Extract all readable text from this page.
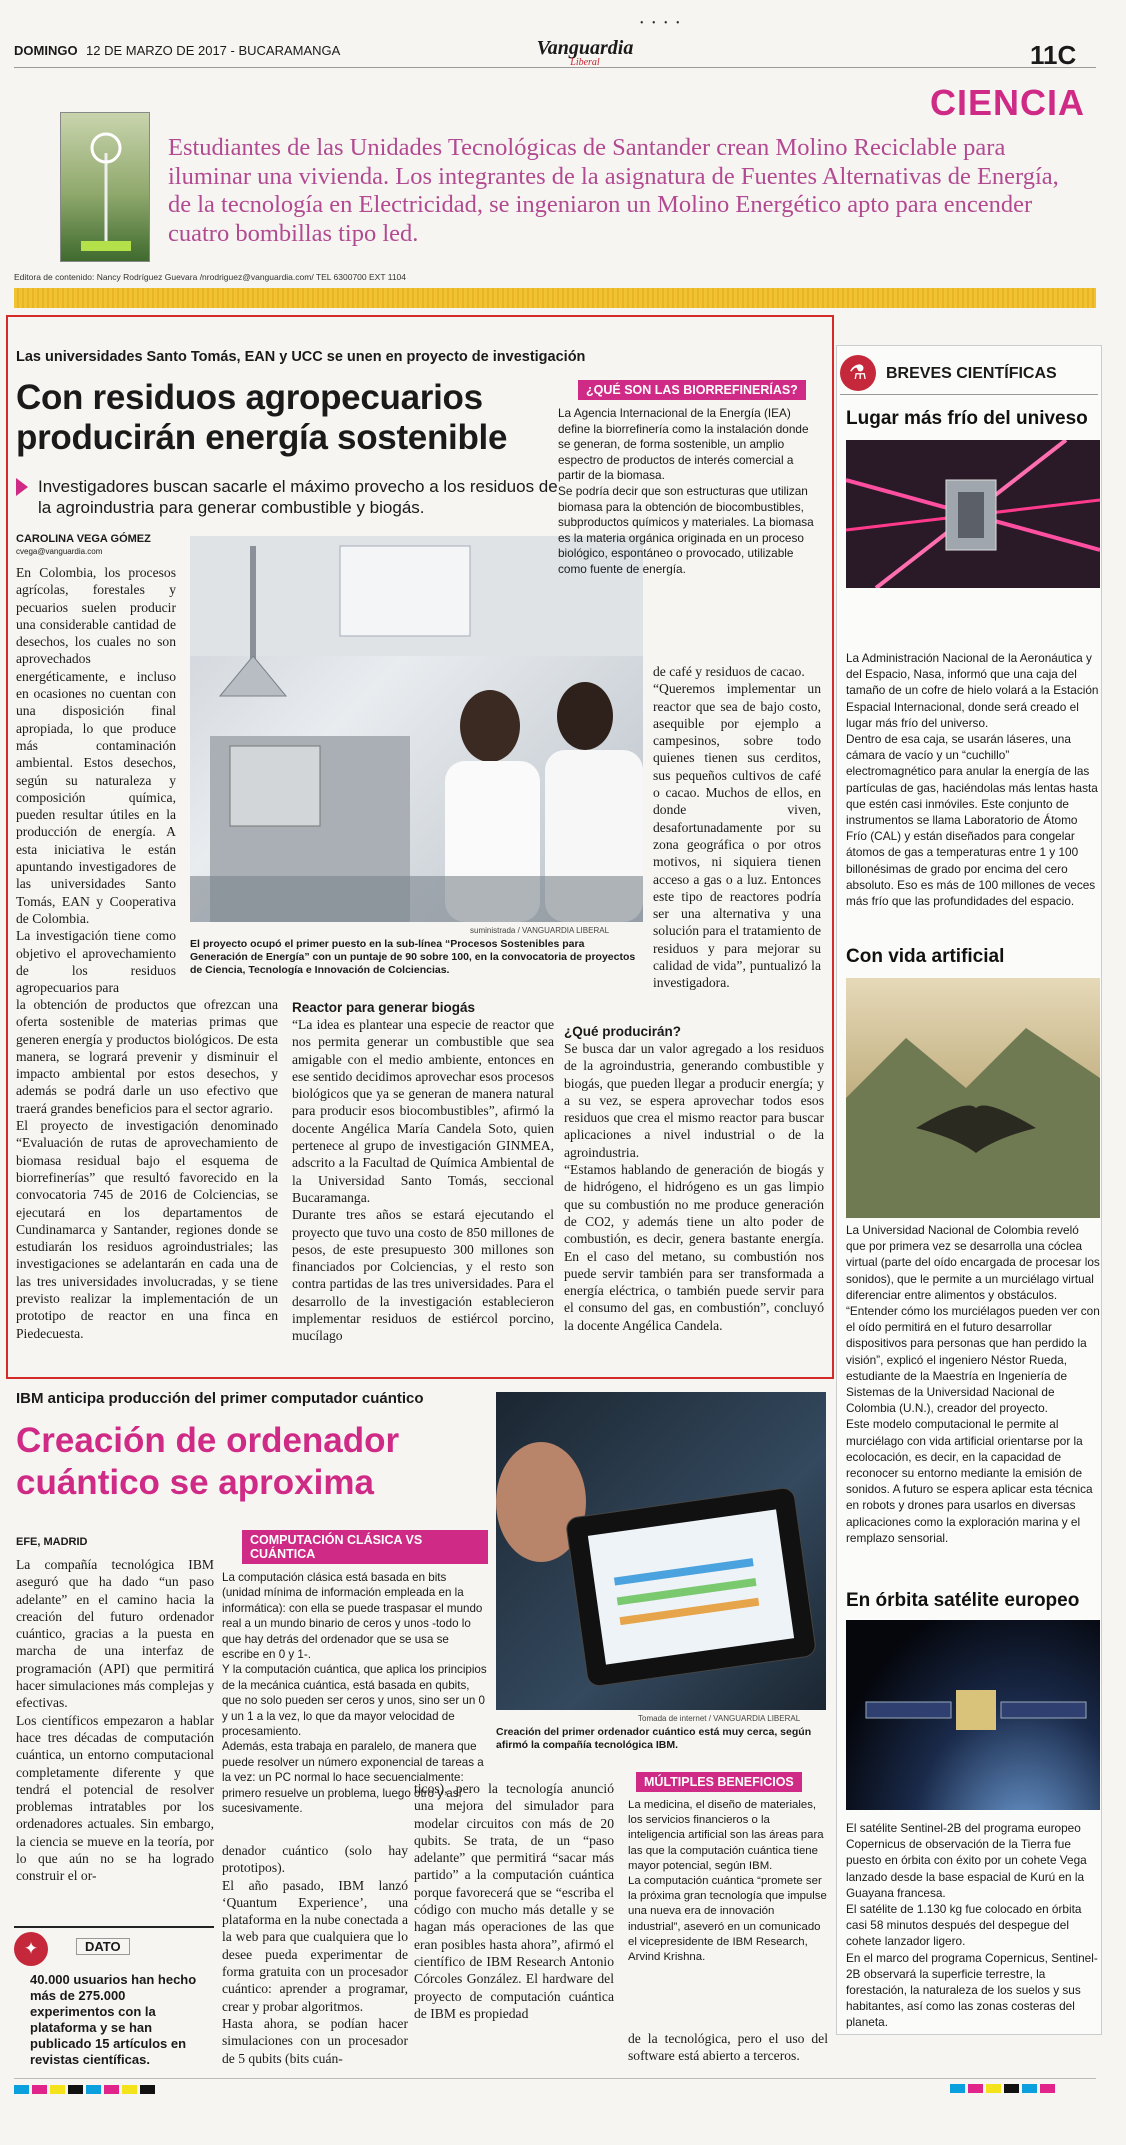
• • • •
DOMINGO 12 DE MARZO DE 2017 - BUCARAMANGA	Vanguardia
Liberal	11C
CIENCIA
Estudiantes de las Unidades Tecnológicas de Santander crean Molino Reciclable para iluminar una vivienda. Los integrantes de la asignatura de Fuentes Alternativas de Energía, de la tecnología en Electricidad, se ingeniaron un Molino Energético apto para encender cuatro bombillas tipo led.
Editora de contenido: Nancy Rodríguez Guevara /nrodriguez@vanguardia.com/ TEL 6300700 EXT 1104
Las universidades Santo Tomás, EAN y UCC se unen en proyecto de investigación
Con residuos agropecuarios producirán energía sostenible
Investigadores buscan sacarle el máximo provecho a los residuos de la agroindustria para generar combustible y biogás.
CAROLINA VEGA GÓMEZ
cvega@vanguardia.com
En Colombia, los procesos agrícolas, forestales y pecuarios suelen producir una considerable cantidad de desechos, los cuales no son aprovechados energéticamente, e incluso en ocasiones no cuentan con una disposición final apropiada, lo que produce más contaminación ambiental. Estos desechos, según su naturaleza y composición química, pueden resultar útiles en la producción de energía. A esta iniciativa le están apuntando investigadores de las universidades Santo Tomás, EAN y Cooperativa de Colombia.
La investigación tiene como objetivo el aprovechamiento de los residuos agropecuarios para
suministrada / VANGUARDIA LIBERAL
El proyecto ocupó el primer puesto en la sub-línea “Procesos Sostenibles para Generación de Energía” con un puntaje de 90 sobre 100, en la convocatoria de proyectos de Ciencia, Tecnología e Innovación de Colciencias.
la obtención de productos que ofrezcan una oferta sostenible de materias primas que generen energía y productos biológicos. De esta manera, se logrará prevenir y disminuir el impacto ambiental por estos desechos, y además se podrá darle un uso efectivo que traerá grandes beneficios para el sector agrario.
El proyecto de investigación denominado “Evaluación de rutas de aprovechamiento de biomasa residual bajo el esquema de biorrefinerías” que resultó favorecido en la convocatoria 745 de 2016 de Colciencias, se ejecutará en los departamentos de Cundinamarca y Santander, regiones donde se estudiarán los residuos agroindustriales; las investigaciones se adelantarán en cada una de las tres universidades involucradas, y se tiene previsto realizar la implementación de un prototipo de reactor en una finca en Piedecuesta.
Reactor para generar biogás
“La idea es plantear una especie de reactor que nos permita generar un combustible que sea amigable con el medio ambiente, entonces en ese sentido decidimos aprovechar esos procesos biológicos que ya se generan de manera natural para producir esos biocombustibles”, afirmó la docente Angélica María Candela Soto, quien pertenece al grupo de investigación GINMEA, adscrito a la Facultad de Química Ambiental de la Universidad Santo Tomás, seccional Bucaramanga.
Durante tres años se estará ejecutando el proyecto que tuvo una costo de 850 millones de pesos, de este presupuesto 300 millones son financiados por Colciencias, y el resto son contra partidas de las tres universidades. Para el desarrollo de la investigación establecieron implementar residuos de estiércol porcino, mucílago
¿QUÉ SON LAS BIORREFINERÍAS?
La Agencia Internacional de la Energía (IEA) define la biorrefinería como la instalación donde se generan, de forma sostenible, un amplio espectro de productos de interés comercial a partir de la biomasa.
Se podría decir que son estructuras que utilizan biomasa para la obtención de biocombustibles, subproductos químicos y materiales. La biomasa es la materia orgánica originada en un proceso biológico, espontáneo o provocado, utilizable como fuente de energía.
de café y residuos de cacao.
“Queremos implementar un reactor que sea de bajo costo, asequible por ejemplo a campesinos, sobre todo quienes tienen sus cerditos, sus pequeños cultivos de café o cacao. Muchos de ellos, en donde viven, desafortunadamente por su zona geográfica o por otros motivos, ni siquiera tienen acceso a gas o a luz. Entonces este tipo de reactores podría ser una alternativa y una solución para el tratamiento de residuos y para mejorar su calidad de vida”, puntualizó la investigadora.
¿Qué producirán?
Se busca dar un valor agregado a los residuos de la agroindustria, generando combustible y biogás, que pueden llegar a producir energía; y a su vez, se espera aprovechar todos esos residuos que crea el mismo reactor para buscar aplicaciones a nivel industrial o de la agroindustria.
“Estamos hablando de generación de biogás y de hidrógeno, el hidrógeno es un gas limpio que su combustión no me produce generación de CO2, y además tiene un alto poder de combustión, es decir, genera bastante energía. En el caso del metano, su combustión nos puede servir también para ser transformada a energía eléctrica, o también puede servir para el consumo del gas, en combustión”, concluyó la docente Angélica Candela.
⚗	BREVES CIENTÍFICAS
Lugar más frío del univeso
La Administración Nacional de la Aeronáutica y del Espacio, Nasa, informó que una caja del tamaño de un cofre de hielo volará a la Estación Espacial Internacional, donde será creado el lugar más frío del universo.
Dentro de esa caja, se usarán láseres, una cámara de vacío y un “cuchillo” electromagnético para anular la energía de las partículas de gas, haciéndolas más lentas hasta que estén casi inmóviles. Este conjunto de instrumentos se llama Laboratorio de Átomo Frío (CAL) y están diseñados para congelar átomos de gas a temperaturas entre 1 y 100 billonésimas de grado por encima del cero absoluto. Eso es más de 100 millones de veces más frío que las profundidades del espacio.
Con vida artificial
La Universidad Nacional de Colombia reveló que por primera vez se desarrolla una cóclea virtual (parte del oído encargada de procesar los sonidos), que le permite a un murciélago virtual diferenciar entre alimentos y obstáculos. “Entender cómo los murciélagos pueden ver con el oído permitirá en el futuro desarrollar dispositivos para personas que han perdido la visión”, explicó el ingeniero Néstor Rueda, estudiante de la Maestría en Ingeniería de Sistemas de la Universidad Nacional de Colombia (U.N.), creador del proyecto.
Este modelo computacional le permite al murciélago con vida artificial orientarse por la ecolocación, es decir, en la capacidad de reconocer su entorno mediante la emisión de sonidos. A futuro se espera aplicar esta técnica en robots y drones para usarlos en diversas aplicaciones como la exploración marina y el remplazo sensorial.
En órbita satélite europeo
El satélite Sentinel-2B del programa europeo Copernicus de observación de la Tierra fue puesto en órbita con éxito por un cohete Vega lanzado desde la base espacial de Kurú en la Guayana francesa.
El satélite de 1.130 kg fue colocado en órbita casi 58 minutos después del despegue del cohete lanzador ligero.
En el marco del programa Copernicus, Sentinel-2B observará la superficie terrestre, la forestación, la naturaleza de los suelos y sus habitantes, así como las zonas costeras del planeta.
IBM anticipa producción del primer computador cuántico
Creación de ordenador cuántico se aproxima
EFE, MADRID
La compañía tecnológica IBM aseguró que ha dado “un paso adelante” en el camino hacia la creación del futuro ordenador cuántico, gracias a la puesta en marcha de una interfaz de programación (API) que permitirá hacer simulaciones más complejas y efectivas.
Los científicos empezaron a hablar hace tres décadas de computación cuántica, un entorno computacional completamente diferente y que tendrá el potencial de resolver problemas intratables por los ordenadores actuales. Sin embargo, la ciencia se mueve en la teoría, por lo que aún no se ha logrado construir el or-
COMPUTACIÓN CLÁSICA VS CUÁNTICA
La computación clásica está basada en bits (unidad mínima de información empleada en la informática): con ella se puede traspasar el mundo real a un mundo binario de ceros y unos -todo lo que hay detrás del ordenador que se usa se escribe en 0 y 1-.
Y la computación cuántica, que aplica los principios de la mecánica cuántica, está basada en qubits, que no solo pueden ser ceros y unos, sino ser un 0 y un 1 a la vez, lo que da mayor velocidad de procesamiento.
Además, esta trabaja en paralelo, de manera que puede resolver un número exponencial de tareas a la vez: un PC normal lo hace secuencialmente: primero resuelve un problema, luego otro y así sucesivamente.
Tomada de internet / VANGUARDIA LIBERAL
Creación del primer ordenador cuántico está muy cerca, según afirmó la compañía tecnológica IBM.
denador cuántico (solo hay prototipos).
El año pasado, IBM lanzó ‘Quantum Experience’, una plataforma en la nube conectada a la web para que cualquiera que lo desee pueda experimentar de forma gratuita con un procesador cuántico: aprender a programar, crear y probar algoritmos.
Hasta ahora, se podían hacer simulaciones con un procesador de 5 qubits (bits cuán-
ticos), pero la tecnología anunció una mejora del simulador para modelar circuitos con más de 20 qubits. Se trata, de un “paso adelante” que permitirá “sacar más partido” a la computación cuántica porque favorecerá que se “escriba el código con mucho más detalle y se hagan más operaciones de las que eran posibles hasta ahora”, afirmó el científico de IBM Research Antonio Córcoles González. El hardware del proyecto de computación cuántica de IBM es propiedad
MÚLTIPLES BENEFICIOS
La medicina, el diseño de materiales, los servicios financieros o la inteligencia artificial son las áreas para las que la computación cuántica tiene mayor potencial, según IBM.
La computación cuántica “promete ser la próxima gran tecnología que impulse una nueva era de innovación industrial”, aseveró en un comunicado el vicepresidente de IBM Research, Arvind Krishna.
de la tecnológica, pero el uso del software está abierto a terceros.
✦	DATO
40.000 usuarios han hecho más de 275.000 experimentos con la plataforma y se han publicado 15 artículos en revistas científicas.
